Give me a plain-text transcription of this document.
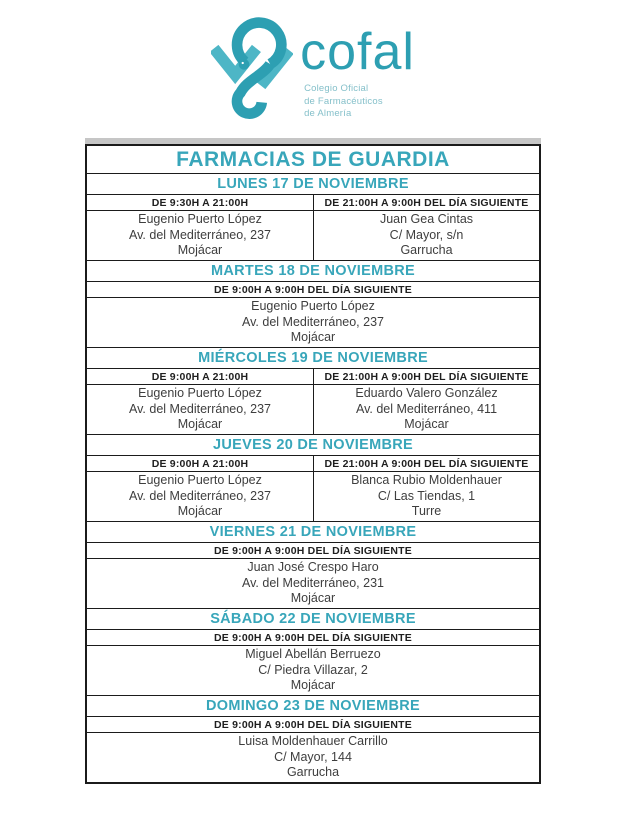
cofal
Colegio Oficial
de Farmacéuticos
de Almería
FARMACIAS DE GUARDIA
LUNES 17 DE NOVIEMBRE
DE 9:30H A 21:00H
Eugenio Puerto López
Av. del Mediterráneo, 237
Mojácar
DE 21:00H A 9:00H DEL DÍA SIGUIENTE
Juan Gea Cintas
C/ Mayor, s/n
Garrucha
MARTES 18 DE NOVIEMBRE
DE 9:00H A 9:00H DEL DÍA SIGUIENTE
Eugenio Puerto López
Av. del Mediterráneo, 237
Mojácar
MIÉRCOLES 19 DE NOVIEMBRE
DE 9:00H A 21:00H
Eugenio Puerto López
Av. del Mediterráneo, 237
Mojácar
DE 21:00H A 9:00H DEL DÍA SIGUIENTE
Eduardo Valero González
Av. del Mediterráneo, 411
Mojácar
JUEVES 20 DE NOVIEMBRE
DE 9:00H A 21:00H
Eugenio Puerto López
Av. del Mediterráneo, 237
Mojácar
DE 21:00H A 9:00H DEL DÍA SIGUIENTE
Blanca Rubio Moldenhauer
C/ Las Tiendas, 1
Turre
VIERNES 21 DE NOVIEMBRE
DE 9:00H A 9:00H DEL DÍA SIGUIENTE
Juan José Crespo Haro
Av. del Mediterráneo, 231
Mojácar
SÁBADO 22 DE NOVIEMBRE
DE 9:00H A 9:00H DEL DÍA SIGUIENTE
Miguel Abellán Berruezo
C/ Piedra Villazar, 2
Mojácar
DOMINGO 23 DE NOVIEMBRE
DE 9:00H A 9:00H DEL DÍA SIGUIENTE
Luisa Moldenhauer Carrillo
C/ Mayor, 144
Garrucha
